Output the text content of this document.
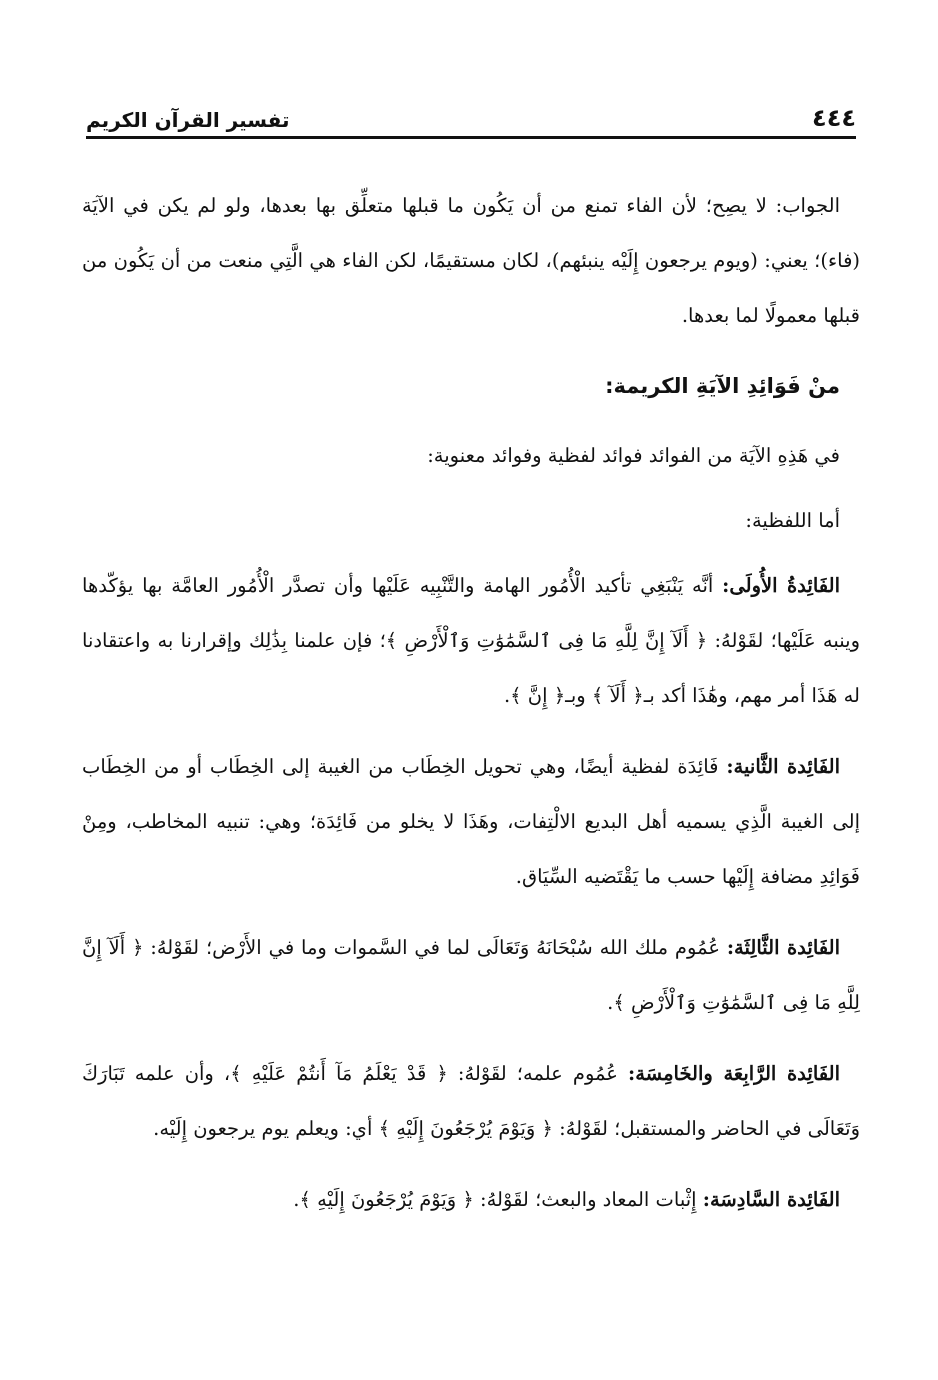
٤٤٤
تفسير القرآن الكريم

الجواب: لا يصِح؛ لأن الفاء تمنع من أن يَكُون ما قبلها متعلِّق بها بعدها، ولو لم يكن في الآيَة (فاء)؛ يعني: (ويوم يرجعون إِلَيْه ينبئهم)، لكان مستقيمًا، لكن الفاء هي الَّتِي منعت من أن يَكُون من قبلها معمولًا لما بعدها.

منْ فَوَائِدِ الآيَةِ الكريمة:

في هَذِهِ الآيَة من الفوائد فوائد لفظية وفوائد معنوية:

أما اللفظية:

الفَائِدةُ الأُولَى: أنَّه يَنْبَغِي تأكيد الْأُمُور الهامة والتَّنْبِيه عَلَيْها وأن تصدَّر الْأُمُور العامَّة بها يؤكّدها وينبه عَلَيْها؛ لقَوْلهُ: ﴿ أَلَآ إِنَّ لِلَّهِ مَا فِى ٱلسَّمَٰوَٰتِ وَٱلْأَرْضِ ﴾؛ فإن علمنا بِذَٰلِك وإقرارنا به واعتقادنا له هَذَا أمر مهم، وهَٰذَا أكد بـ﴿ أَلَآ ﴾ وبـ﴿ إِنَّ ﴾.

الفَائِدة الثَّانية: فَائِدَة لفظية أيضًا، وهي تحويل الخِطَاب من الغيبة إلى الخِطَاب أو من الخِطَاب إلى الغيبة الَّذِي يسميه أهل البديع الالْتِفات، وهَذَا لا يخلو من فَائِدَة؛ وهي: تنبيه المخاطب، ومِنْ فَوَائِدِ مضافة إِلَيْها حسب ما يَقْتَضيه السِّيَاق.

الفَائِدة الثَّالِثَة: عُمُوم ملك الله سُبْحَانَهُ وَتَعَالَى لما في السَّموات وما في الأَرْض؛ لقَوْلهُ: ﴿ أَلَآ إِنَّ لِلَّهِ مَا فِى ٱلسَّمَٰوَٰتِ وَٱلْأَرْضِ ﴾.

الفَائِدة الرَّابِعَة والخَامِسَة: عُمُوم علمه؛ لقَوْلهُ: ﴿ قَدْ يَعْلَمُ مَآ أَنتُمْ عَلَيْهِ ﴾، وأن علمه تَبَارَكَ وَتَعَالَى في الحاضر والمستقبل؛ لقَوْلهُ: ﴿ وَيَوْمَ يُرْجَعُونَ إِلَيْهِ ﴾ أي: ويعلم يوم يرجعون إِلَيْه.

الفَائِدة السَّادِسَة: إِثْبات المعاد والبعث؛ لقَوْلهُ: ﴿ وَيَوْمَ يُرْجَعُونَ إِلَيْهِ ﴾.
